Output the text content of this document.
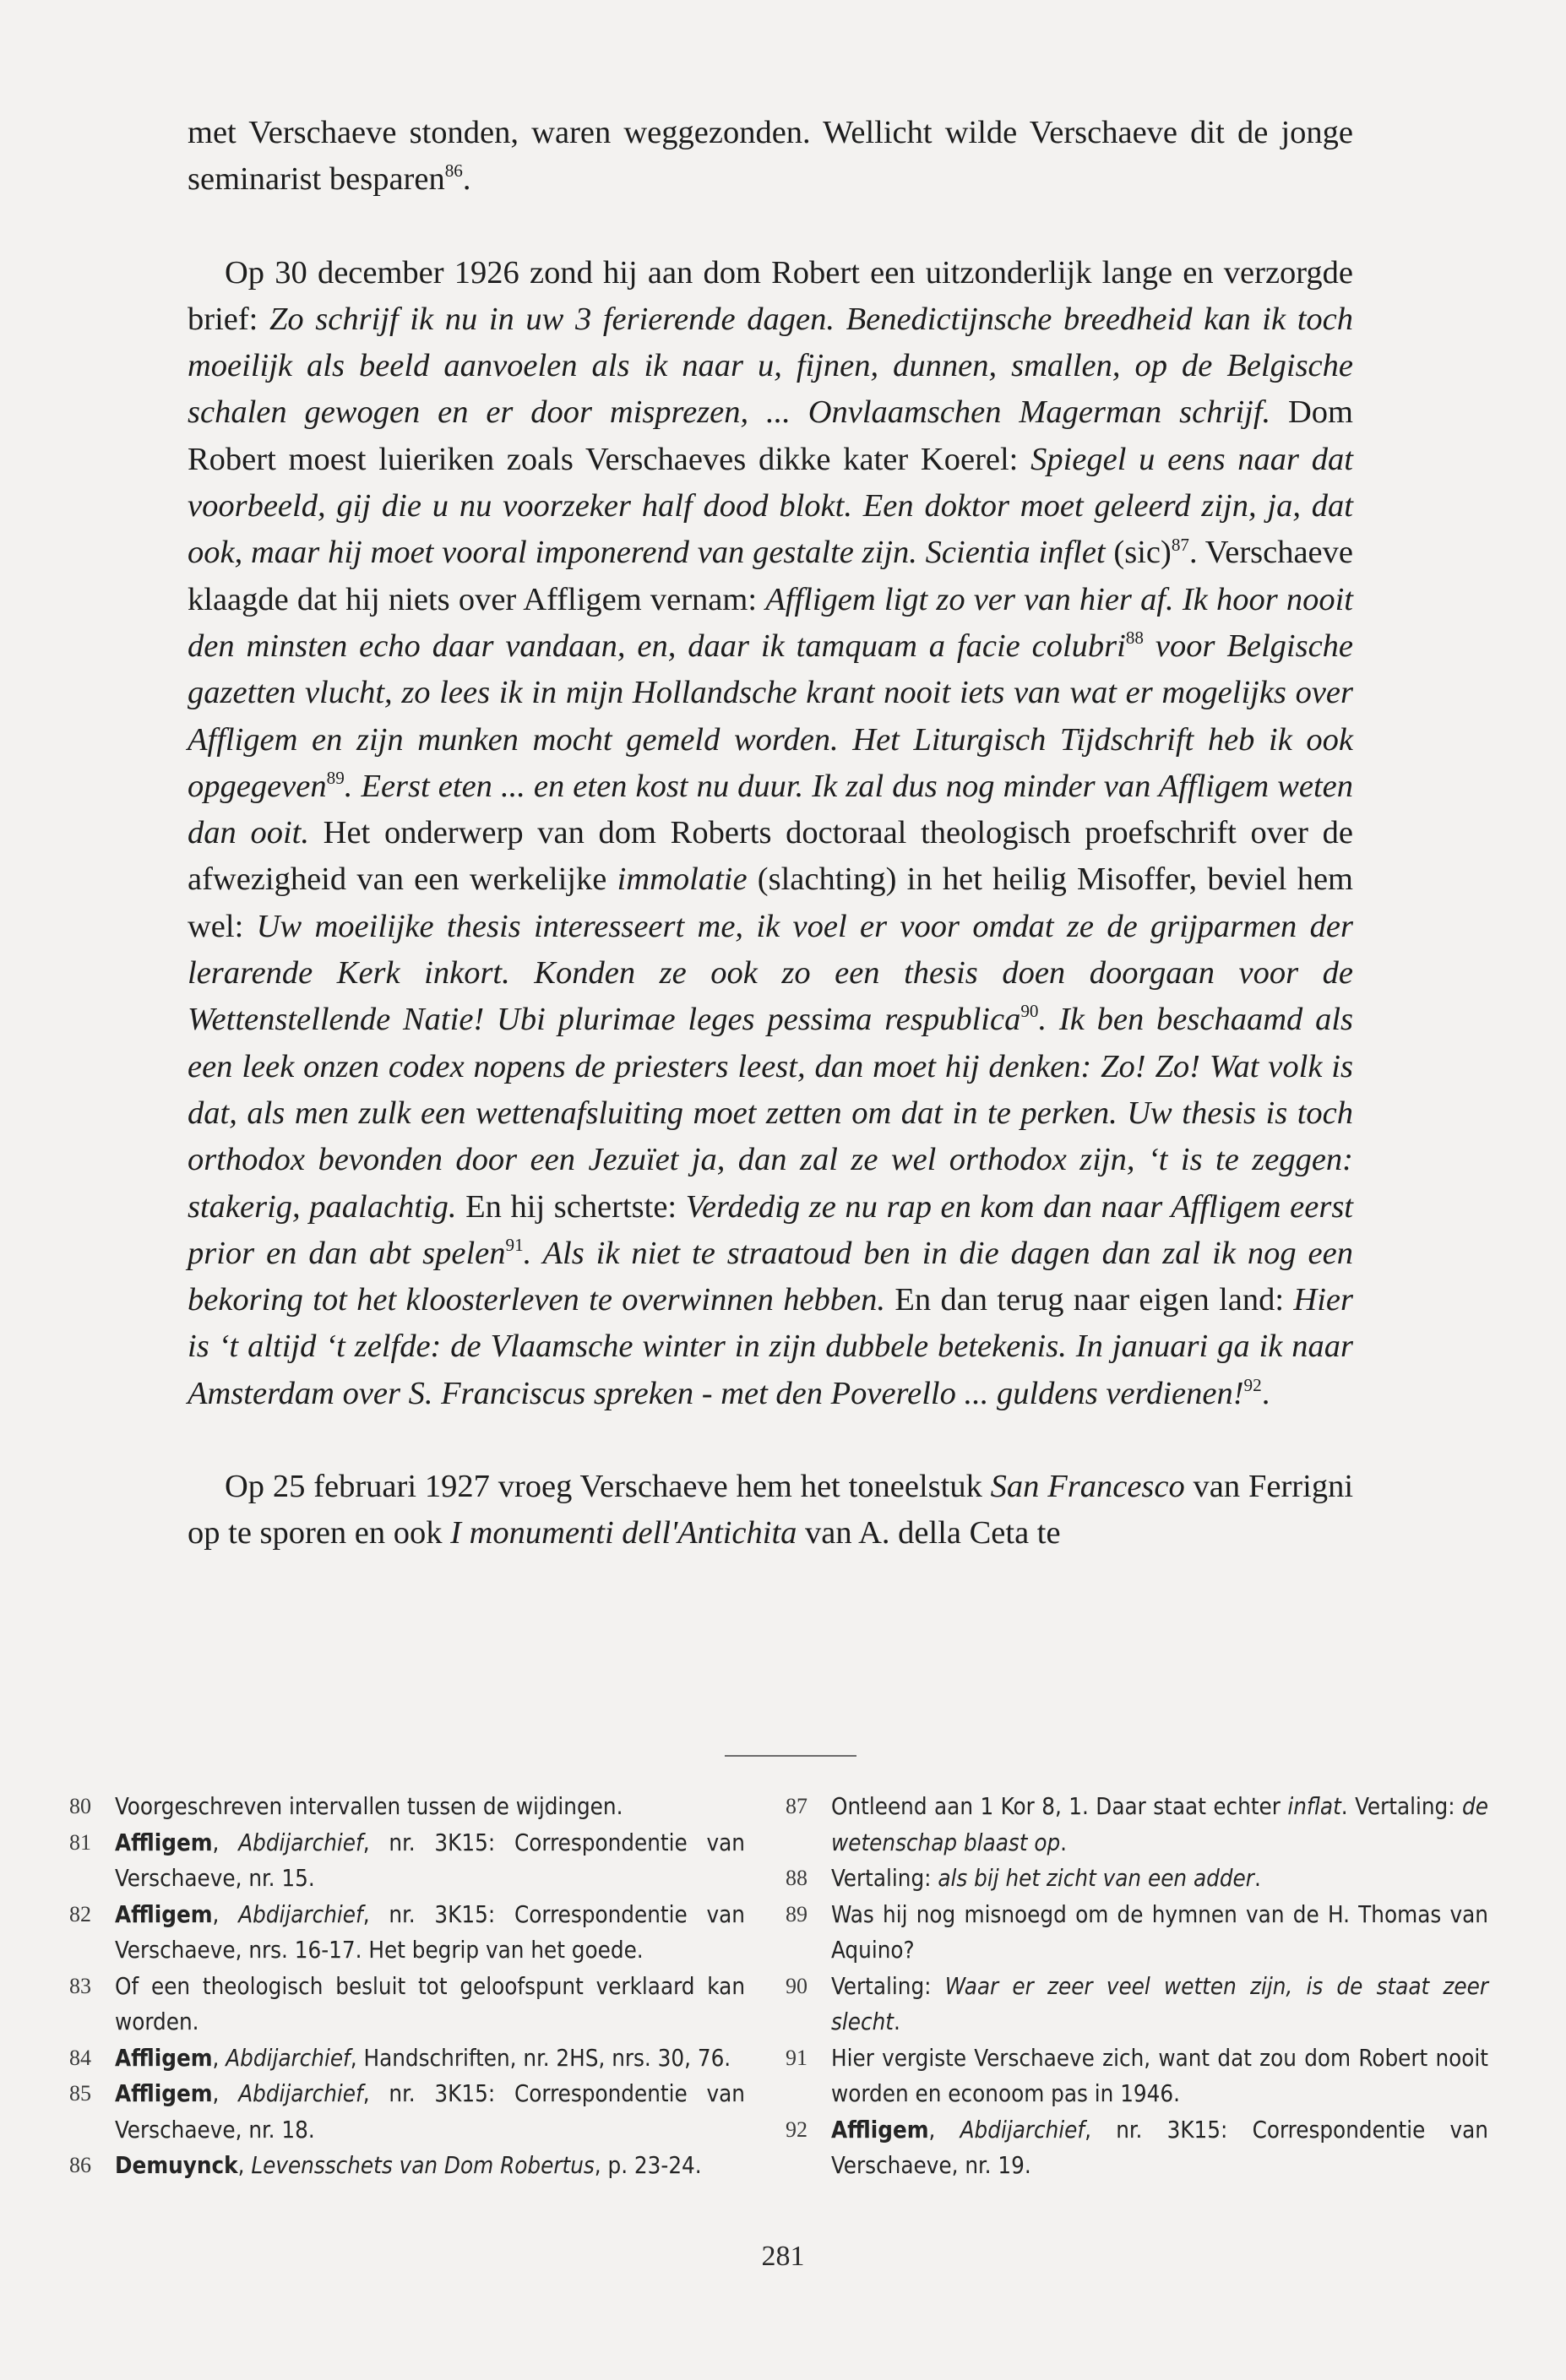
met Verschaeve stonden, waren weggezonden. Wellicht wilde Verschaeve dit de jonge seminarist besparen$^{86}$.

Op 30 december 1926 zond hij aan dom Robert een uitzonderlijk lange en verzorgde brief: Zo schrijf ik nu in uw 3 ferierende dagen. Benedictijnsche breedheid kan ik toch moeilijk als beeld aanvoelen als ik naar u, fijnen, dunnen, smallen, op de Belgische schalen gewogen en er door misprezen, ... Onvlaamschen Magerman schrijf. Dom Robert moest luieriken zoals Verschaeves dikke kater Koerel: Spiegel u eens naar dat voorbeeld, gij die u nu voorzeker half dood blokt. Een doktor moet geleerd zijn, ja, dat ook, maar hij moet vooral imponerend van gestalte zijn. Scientia inflet (sic)$^{87}$. Verschaeve klaagde dat hij niets over Affligem vernam: Affligem ligt zo ver van hier af. Ik hoor nooit den minsten echo daar vandaan, en, daar ik tamquam a facie colubri$^{88}$ voor Belgische gazetten vlucht, zo lees ik in mijn Hollandsche krant nooit iets van wat er mogelijks over Affligem en zijn munken mocht gemeld worden. Het Liturgisch Tijdschrift heb ik ook opgegeven$^{89}$. Eerst eten ... en eten kost nu duur. Ik zal dus nog minder van Affligem weten dan ooit. Het onderwerp van dom Roberts doctoraal theologisch proefschrift over de afwezigheid van een werkelijke immolatie (slachting) in het heilig Misoffer, beviel hem wel: Uw moeilijke thesis interesseert me, ik voel er voor omdat ze de grijparmen der lerarende Kerk inkort. Konden ze ook zo een thesis doen doorgaan voor de Wettenstellende Natie! Ubi plurimae leges pessima respublica$^{90}$. Ik ben beschaamd als een leek onzen codex nopens de priesters leest, dan moet hij denken: Zo! Zo! Wat volk is dat, als men zulk een wettenafsluiting moet zetten om dat in te perken. Uw thesis is toch orthodox bevonden door een Jezuïet ja, dan zal ze wel orthodox zijn, ‘t is te zeggen: stakerig, paalachtig. En hij schertste: Verdedig ze nu rap en kom dan naar Affligem eerst prior en dan abt spelen$^{91}$. Als ik niet te straatoud ben in die dagen dan zal ik nog een bekoring tot het kloosterleven te overwinnen hebben. En dan terug naar eigen land: Hier is ‘t altijd ‘t zelfde: de Vlaamsche winter in zijn dubbele betekenis. In januari ga ik naar Amsterdam over S. Franciscus spreken - met den Poverello ... guldens verdienen!$^{92}$.

Op 25 februari 1927 vroeg Verschaeve hem het toneelstuk San Francesco van Ferrigni op te sporen en ook I monumenti dell'Antichita van A. della Ceta te

80	Voorgeschreven intervallen tussen de wijdingen.
81	Affligem, Abdijarchief, nr. 3K15: Correspondentie van Verschaeve, nr. 15.
82	Affligem, Abdijarchief, nr. 3K15: Correspondentie van Verschaeve, nrs. 16-17. Het begrip van het goede.
83	Of een theologisch besluit tot geloofspunt verklaard kan worden.
84	Affligem, Abdijarchief, Handschriften, nr. 2HS, nrs. 30, 76.
85	Affligem, Abdijarchief, nr. 3K15: Correspondentie van Verschaeve, nr. 18.
86	Demuynck, Levensschets van Dom Robertus, p. 23-24.
87	Ontleend aan 1 Kor 8, 1. Daar staat echter inflat. Vertaling: de wetenschap blaast op.
88	Vertaling: als bij het zicht van een adder.
89	Was hij nog misnoegd om de hymnen van de H. Thomas van Aquino?
90	Vertaling: Waar er zeer veel wetten zijn, is de staat zeer slecht.
91	Hier vergiste Verschaeve zich, want dat zou dom Robert nooit worden en econoom pas in 1946.
92	Affligem, Abdijarchief, nr. 3K15: Correspondentie van Verschaeve, nr. 19.
281
